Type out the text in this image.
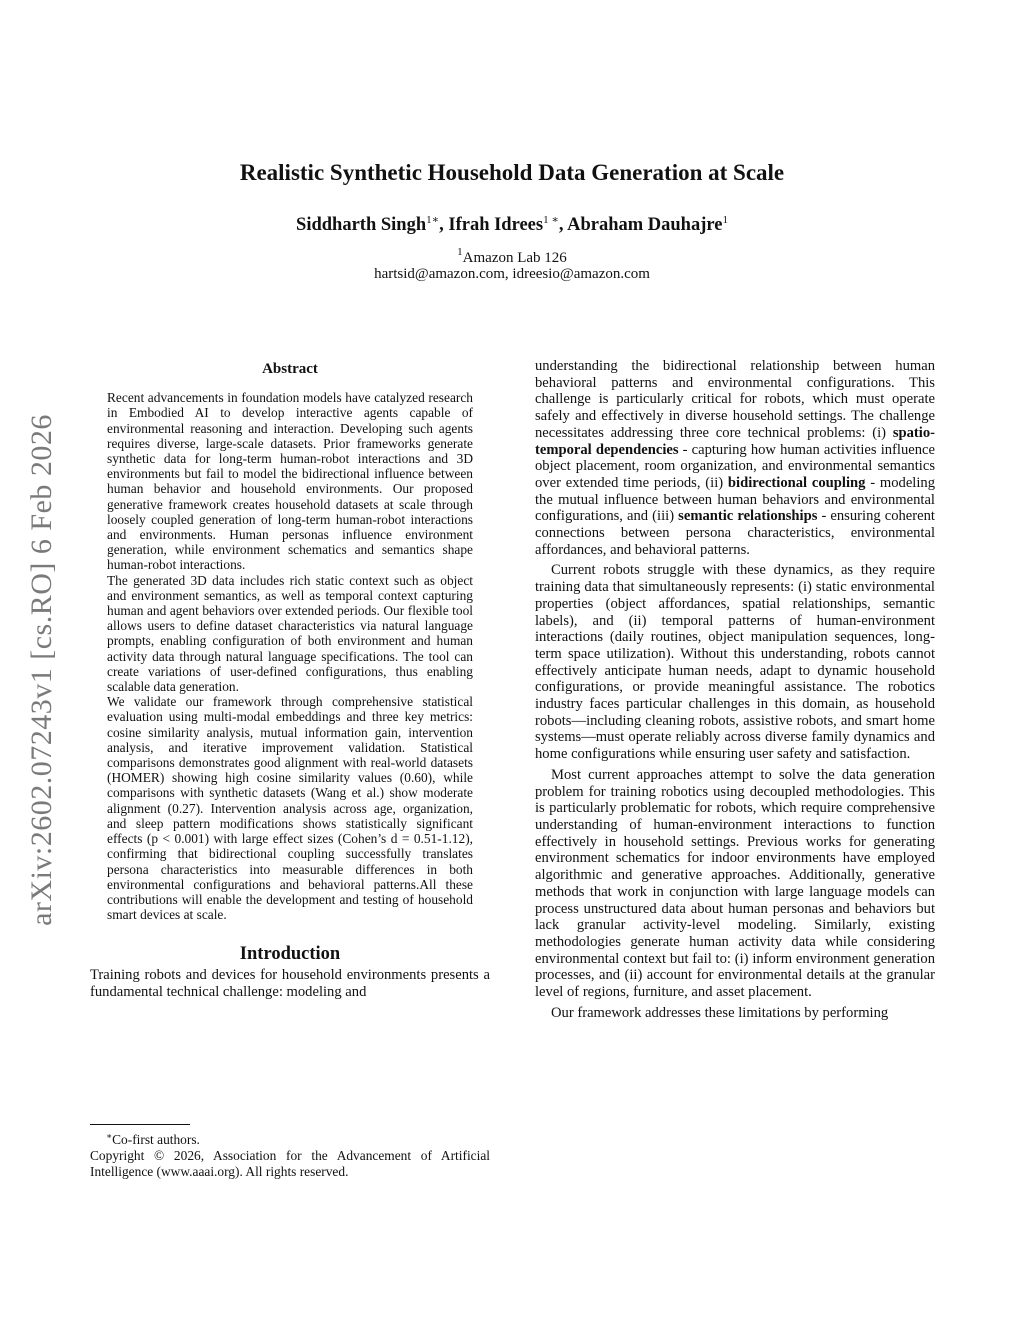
arXiv:2602.07243v1 [cs.RO] 6 Feb 2026
Realistic Synthetic Household Data Generation at Scale
Siddharth Singh$^{1∗}$, Ifrah Idrees$^{1 ∗}$, Abraham Dauhajre$^1$
$^1$Amazon Lab 126
hartsid@amazon.com, idreesio@amazon.com
Abstract

Recent advancements in foundation models have catalyzed research in Embodied AI to develop interactive agents capable of environmental reasoning and interaction. Developing such agents requires diverse, large-scale datasets. Prior frameworks generate synthetic data for long-term human-robot interactions and 3D environments but fail to model the bidirectional influence between human behavior and household environments. Our proposed generative framework creates household datasets at scale through loosely coupled generation of long-term human-robot interactions and environments. Human personas influence environment generation, while environment schematics and semantics shape human-robot interactions.

The generated 3D data includes rich static context such as object and environment semantics, as well as temporal context capturing human and agent behaviors over extended periods. Our flexible tool allows users to define dataset characteristics via natural language prompts, enabling configuration of both environment and human activity data through natural language specifications. The tool can create variations of user-defined configurations, thus enabling scalable data generation.

We validate our framework through comprehensive statistical evaluation using multi-modal embeddings and three key metrics: cosine similarity analysis, mutual information gain, intervention analysis, and iterative improvement validation. Statistical comparisons demonstrates good alignment with real-world datasets (HOMER) showing high cosine similarity values (0.60), while comparisons with synthetic datasets (Wang et al.) show moderate alignment (0.27). Intervention analysis across age, organization, and sleep pattern modifications shows statistically significant effects (p < 0.001) with large effect sizes (Cohen’s d = 0.51-1.12), confirming that bidirectional coupling successfully translates persona characteristics into measurable differences in both environmental configurations and behavioral patterns.All these contributions will enable the development and testing of household smart devices at scale.

Introduction

Training robots and devices for household environments presents a fundamental technical challenge: modeling and

∗Co-first authors.

Copyright © 2026, Association for the Advancement of Artificial Intelligence (www.aaai.org). All rights reserved.

understanding the bidirectional relationship between human behavioral patterns and environmental configurations. This challenge is particularly critical for robots, which must operate safely and effectively in diverse household settings. The challenge necessitates addressing three core technical problems: (i) spatio-temporal dependencies - capturing how human activities influence object placement, room organization, and environmental semantics over extended time periods, (ii) bidirectional coupling - modeling the mutual influence between human behaviors and environmental configurations, and (iii) semantic relationships - ensuring coherent connections between persona characteristics, environmental affordances, and behavioral patterns.

Current robots struggle with these dynamics, as they require training data that simultaneously represents: (i) static environmental properties (object affordances, spatial relationships, semantic labels), and (ii) temporal patterns of human-environment interactions (daily routines, object manipulation sequences, long-term space utilization). Without this understanding, robots cannot effectively anticipate human needs, adapt to dynamic household configurations, or provide meaningful assistance. The robotics industry faces particular challenges in this domain, as household robots—including cleaning robots, assistive robots, and smart home systems—must operate reliably across diverse family dynamics and home configurations while ensuring user safety and satisfaction.

Most current approaches attempt to solve the data generation problem for training robotics using decoupled methodologies. This is particularly problematic for robots, which require comprehensive understanding of human-environment interactions to function effectively in household settings. Previous works for generating environment schematics for indoor environments have employed algorithmic and generative approaches. Additionally, generative methods that work in conjunction with large language models can process unstructured data about human personas and behaviors but lack granular activity-level modeling. Similarly, existing methodologies generate human activity data while considering environmental context but fail to: (i) inform environment generation processes, and (ii) account for environmental details at the granular level of regions, furniture, and asset placement.

Our framework addresses these limitations by performing
